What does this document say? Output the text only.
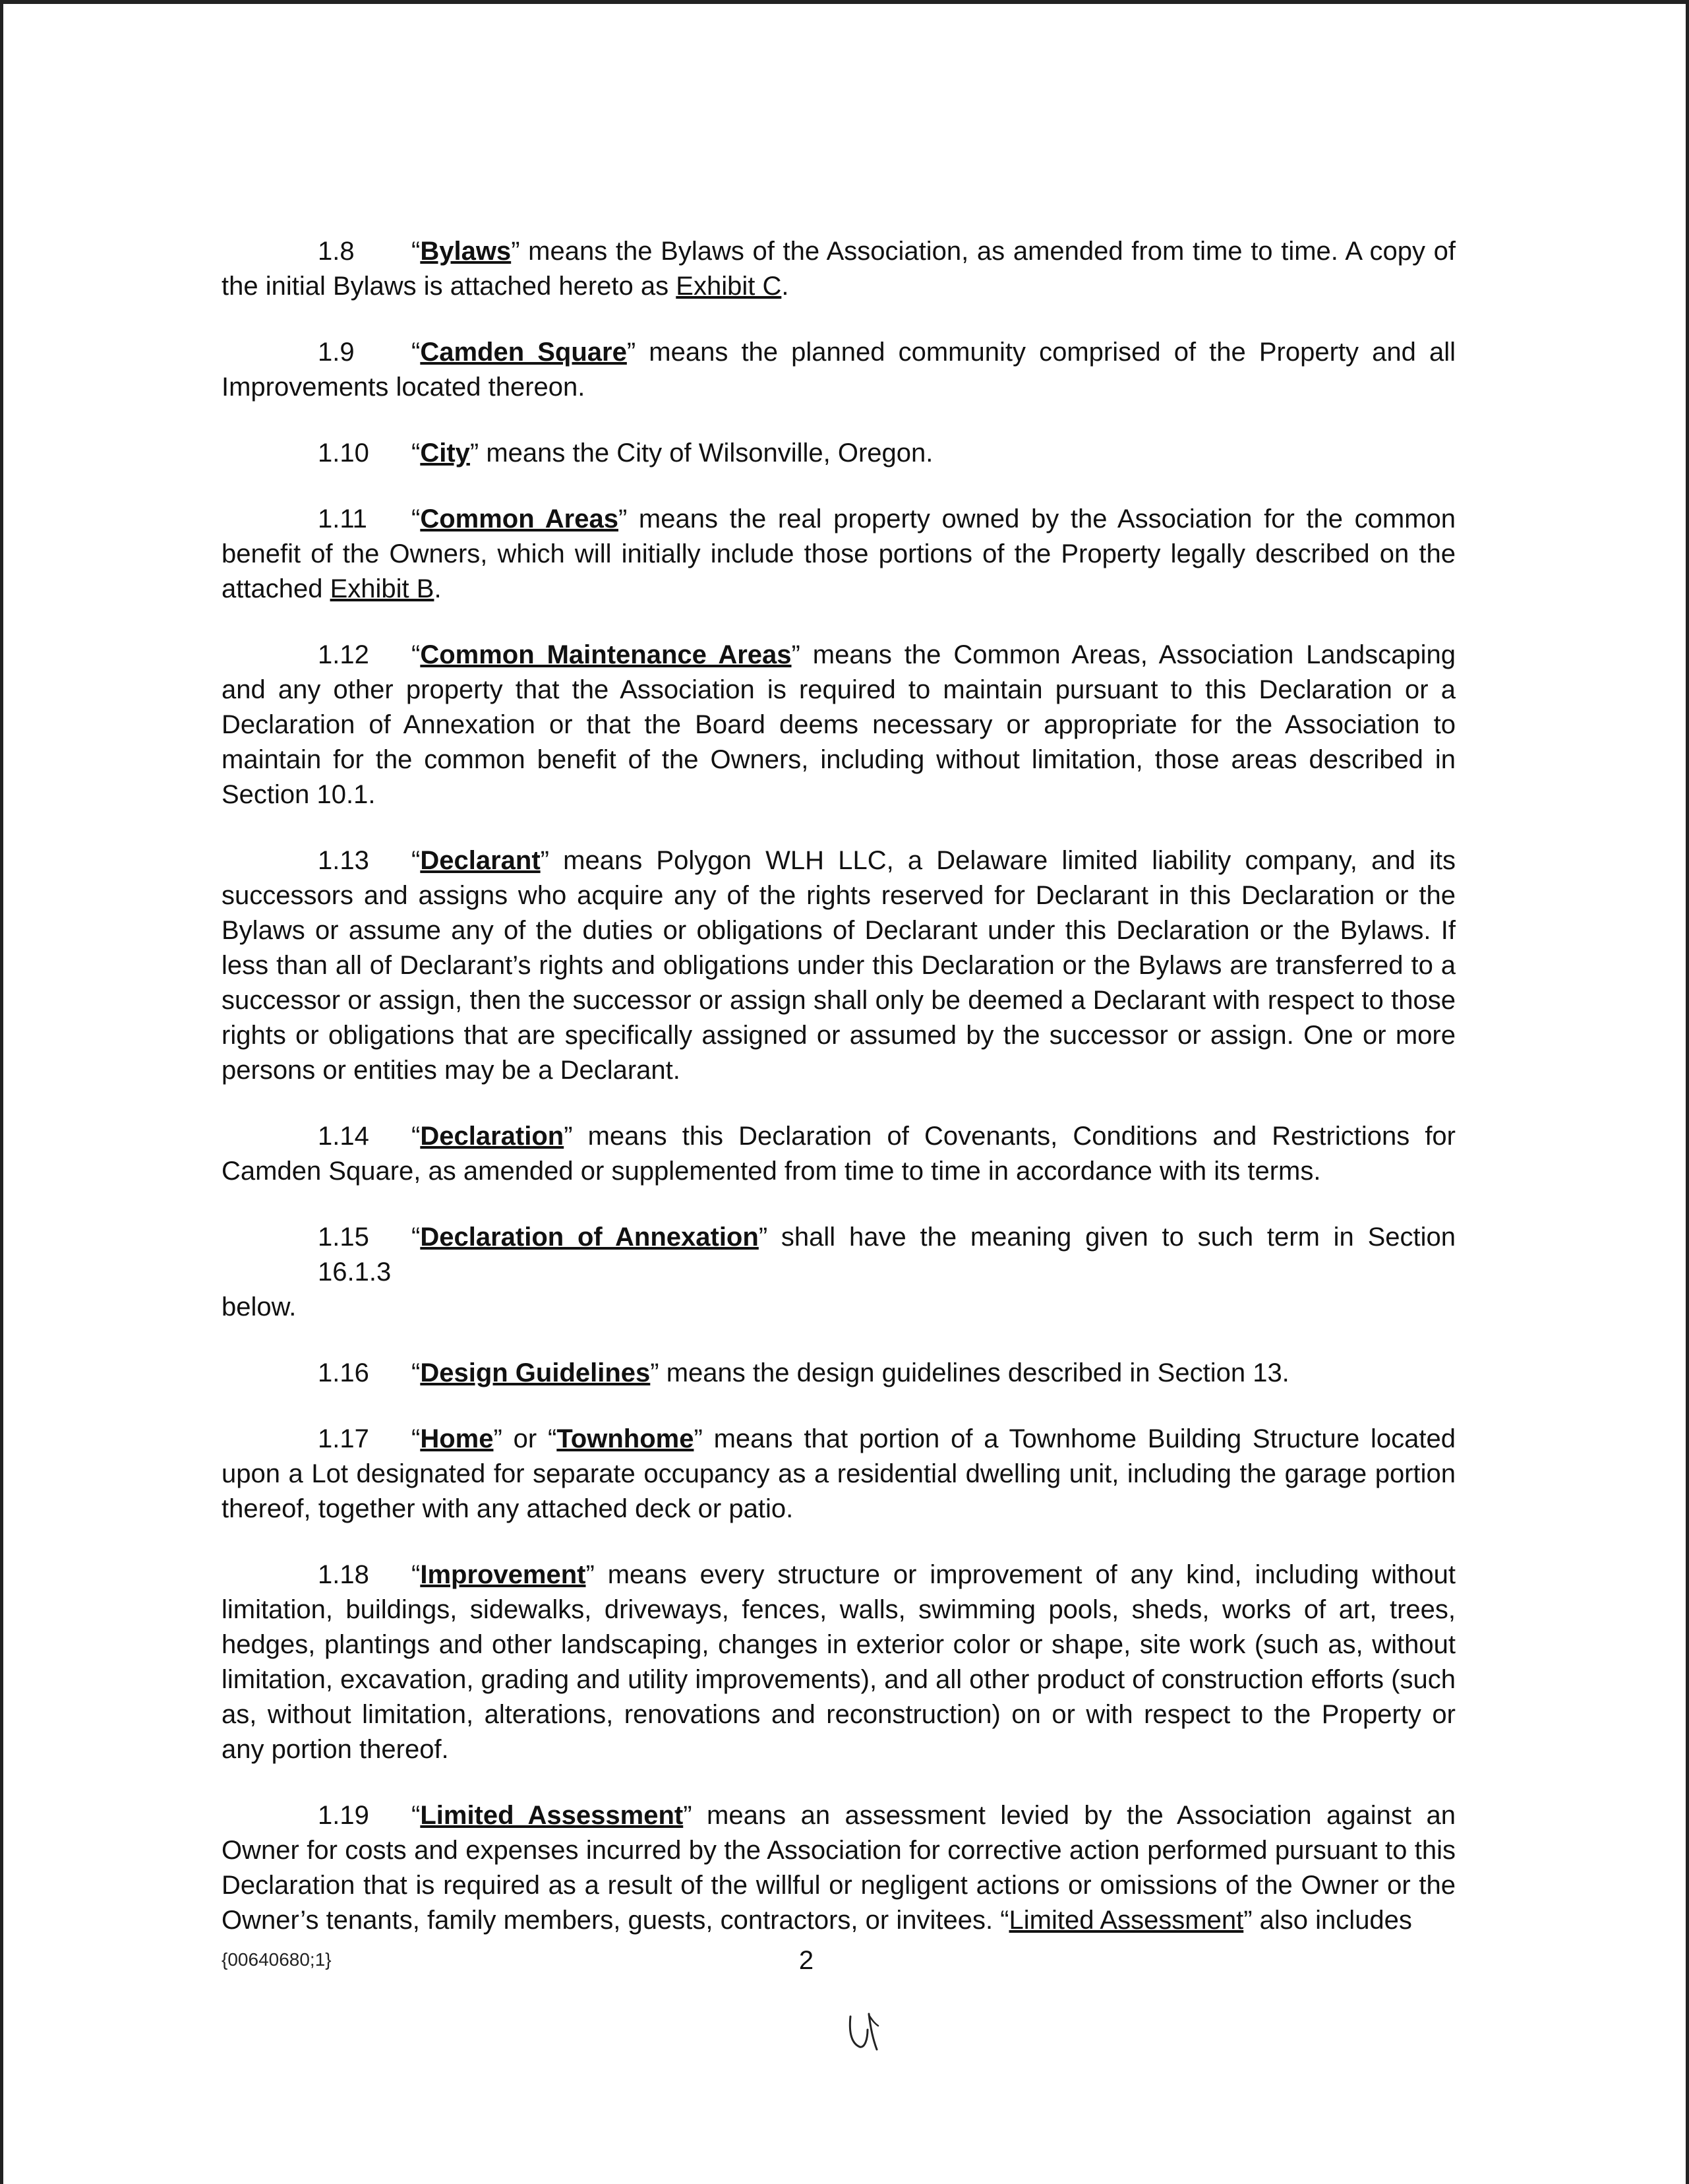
1.8 “Bylaws” means the Bylaws of the Association, as amended from time to time. A copy of the initial Bylaws is attached hereto as Exhibit C.

1.9 “Camden Square” means the planned community comprised of the Property and all Improvements located thereon.

1.10 “City” means the City of Wilsonville, Oregon.

1.11 “Common Areas” means the real property owned by the Association for the common benefit of the Owners, which will initially include those portions of the Property legally described on the attached Exhibit B.

1.12 “Common Maintenance Areas” means the Common Areas, Association Landscaping and any other property that the Association is required to maintain pursuant to this Declaration or a Declaration of Annexation or that the Board deems necessary or appropriate for the Association to maintain for the common benefit of the Owners, including without limitation, those areas described in Section 10.1.

1.13 “Declarant” means Polygon WLH LLC, a Delaware limited liability company, and its successors and assigns who acquire any of the rights reserved for Declarant in this Declaration or the Bylaws or assume any of the duties or obligations of Declarant under this Declaration or the Bylaws. If less than all of Declarant’s rights and obligations under this Declaration or the Bylaws are transferred to a successor or assign, then the successor or assign shall only be deemed a Declarant with respect to those rights or obligations that are specifically assigned or assumed by the successor or assign. One or more persons or entities may be a Declarant.

1.14 “Declaration” means this Declaration of Covenants, Conditions and Restrictions for Camden Square, as amended or supplemented from time to time in accordance with its terms.

1.15 “Declaration of Annexation” shall have the meaning given to such term in Section 16.1.3
below.

1.16 “Design Guidelines” means the design guidelines described in Section 13.

1.17 “Home” or “Townhome” means that portion of a Townhome Building Structure located upon a Lot designated for separate occupancy as a residential dwelling unit, including the garage portion thereof, together with any attached deck or patio.

1.18 “Improvement” means every structure or improvement of any kind, including without limitation, buildings, sidewalks, driveways, fences, walls, swimming pools, sheds, works of art, trees, hedges, plantings and other landscaping, changes in exterior color or shape, site work (such as, without limitation, excavation, grading and utility improvements), and all other product of construction efforts (such as, without limitation, alterations, renovations and reconstruction) on or with respect to the Property or any portion thereof.

1.19 “Limited Assessment” means an assessment levied by the Association against an Owner for costs and expenses incurred by the Association for corrective action performed pursuant to this Declaration that is required as a result of the willful or negligent actions or omissions of the Owner or the Owner’s tenants, family members, guests, contractors, or invitees. “Limited Assessment” also includes

{00640680;1}	2
